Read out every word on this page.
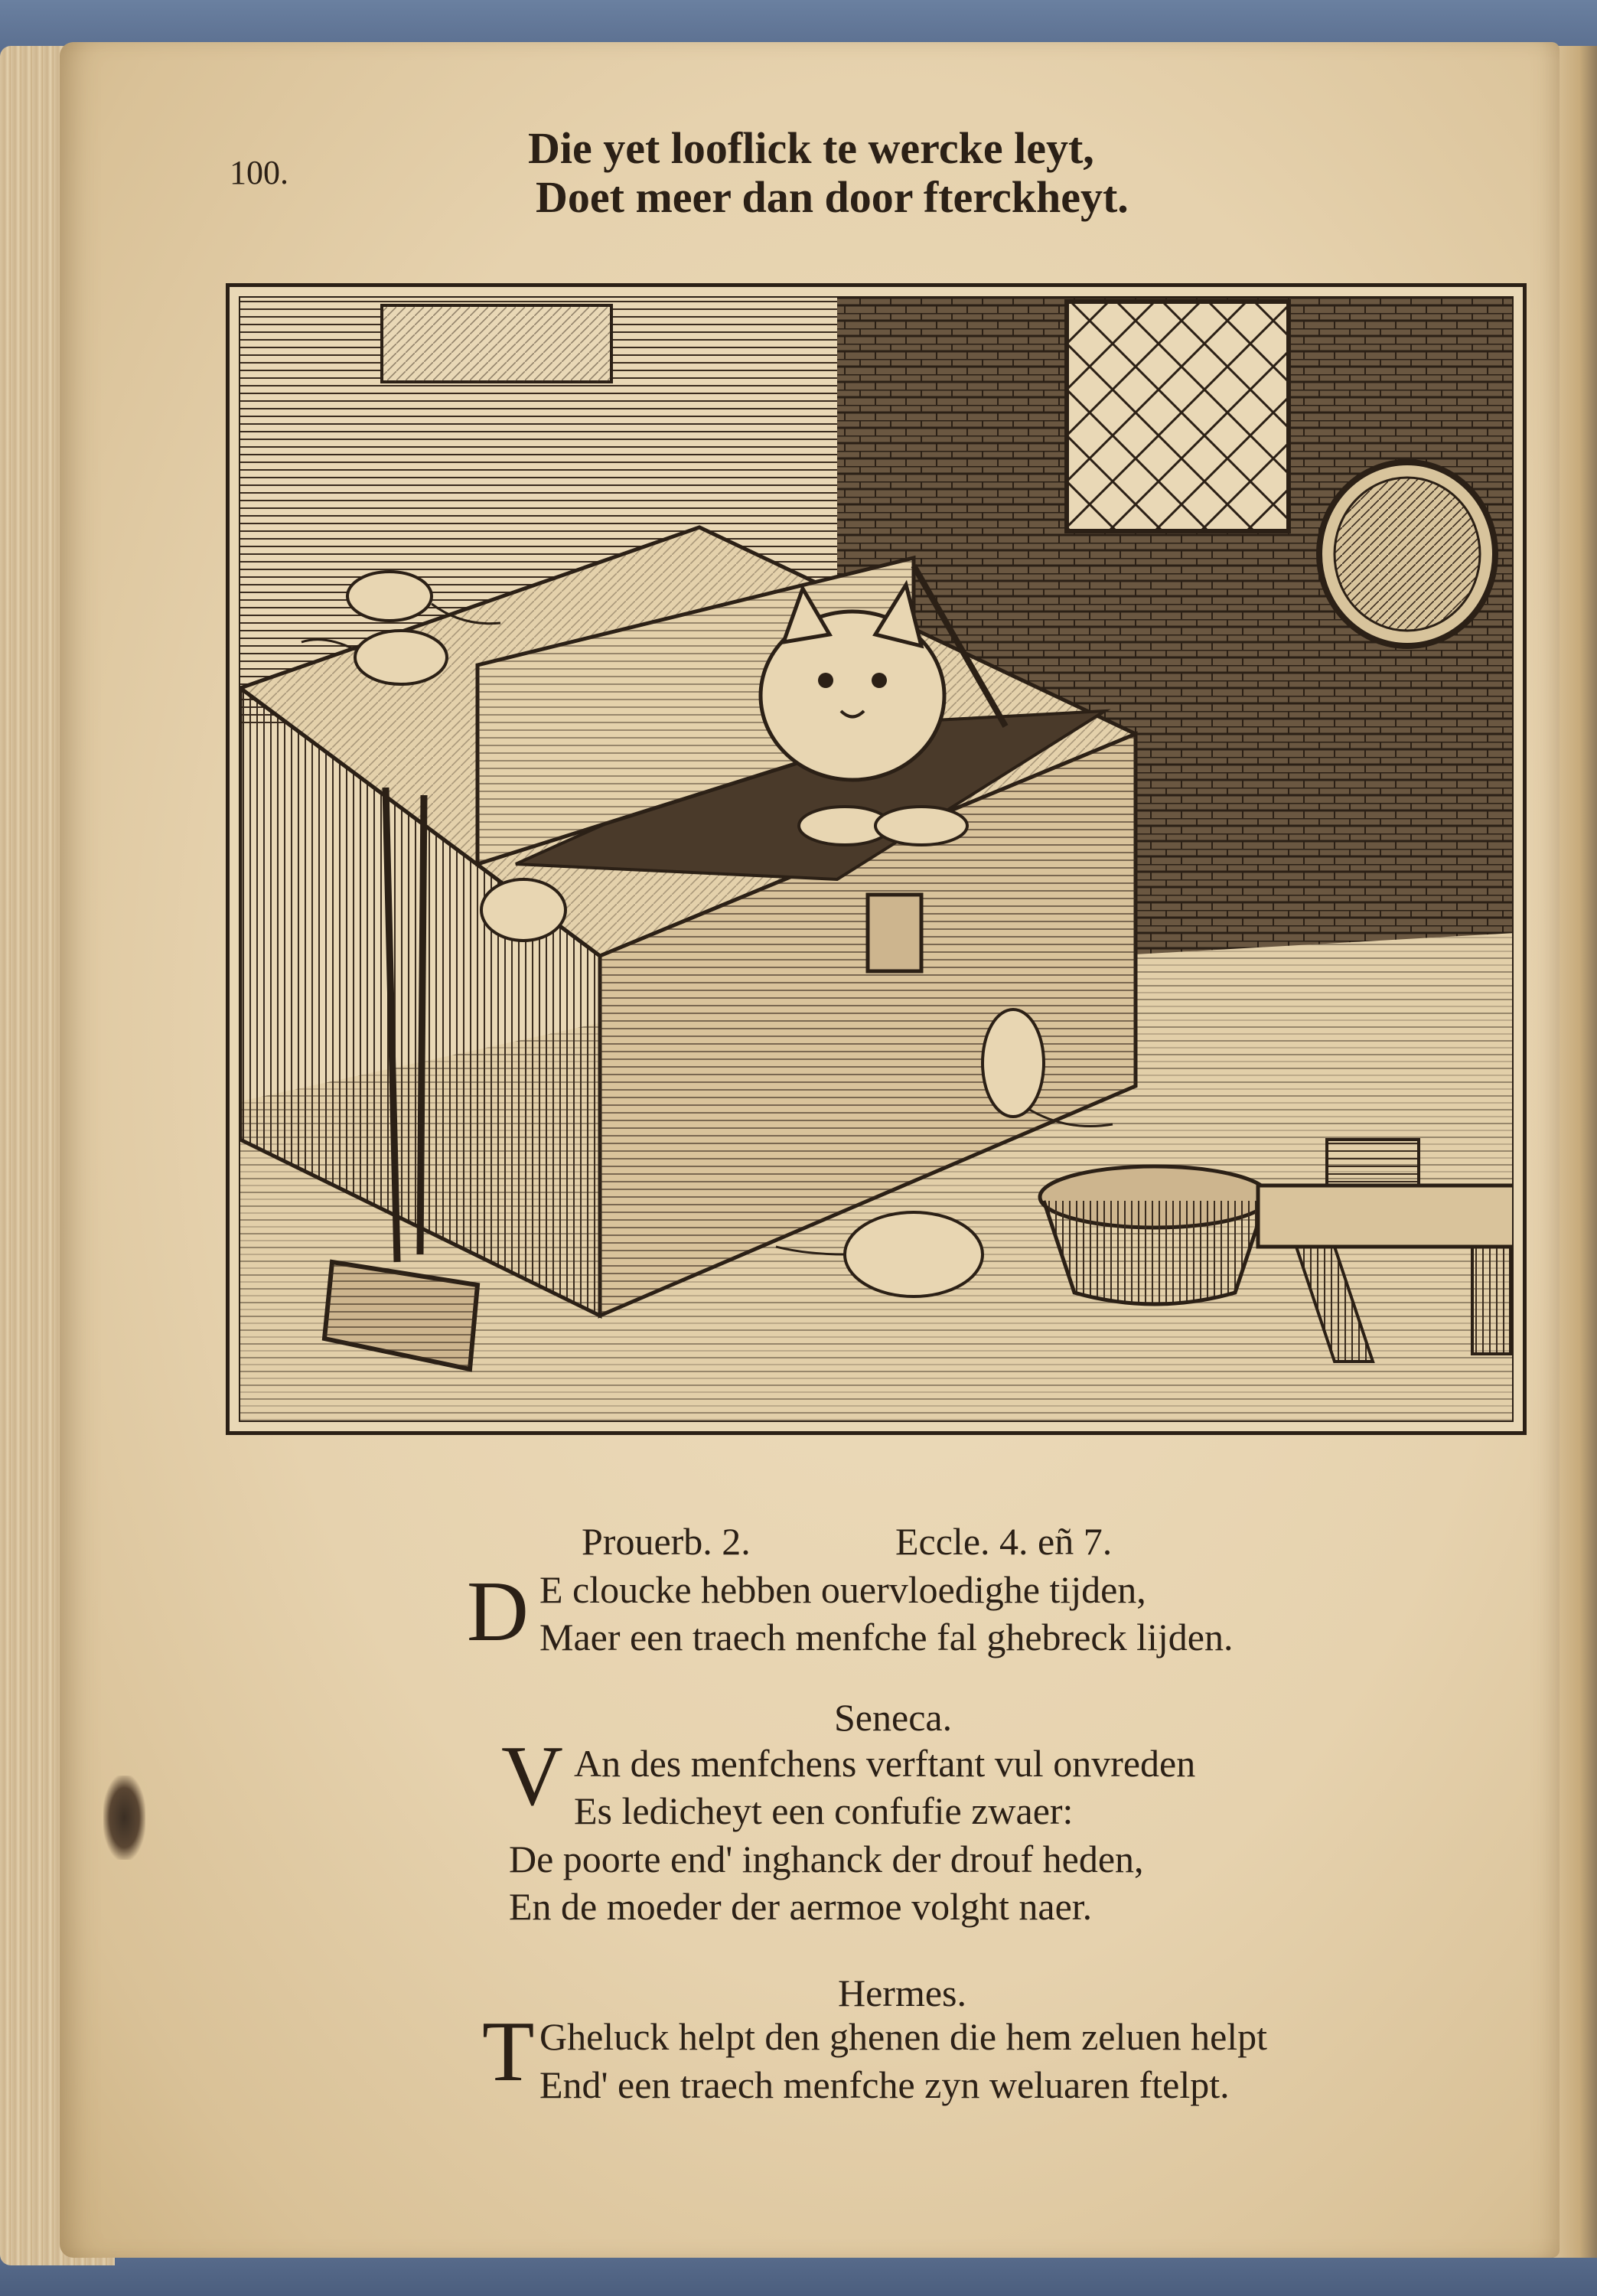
100.	Die yet looflick te wercke leyt,
Doet meer dan door fterckheyt.
Prouerb. 2.	Eccle. 4. eñ 7.
D E cloucke hebben ouervloedighe tijden,
Maer een traech menfche fal ghebreck lijden.
Seneca.
V An des menfchens verftant vul onvreden
Es ledicheyt een confufie zwaer:
De poorte end' inghanck der drouf heden,
En de moeder der aermoe volght naer.
Hermes.
T Gheluck helpt den ghenen die hem zeluen helpt
End' een traech menfche zyn weluaren ftelpt.
